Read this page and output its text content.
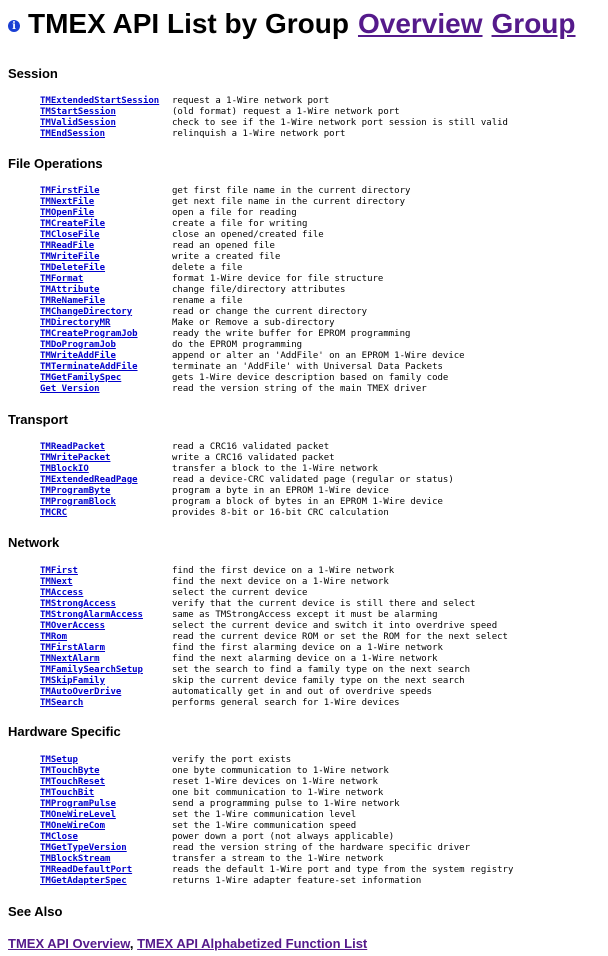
i TMEX API List by Group Overview Group
Session
TMExtendedStartSession	request a 1-Wire network port
TMStartSession	(old format) request a 1-Wire network port
TMValidSession	check to see if the 1-Wire network port session is still valid
TMEndSession	relinquish a 1-Wire network port
File Operations
TMFirstFile	get first file name in the current directory
TMNextFile	get next file name in the current directory
TMOpenFile	open a file for reading
TMCreateFile	create a file for writing
TMCloseFile	close an opened/created file
TMReadFile	read an opened file
TMWriteFile	write a created file
TMDeleteFile	delete a file
TMFormat	format 1-Wire device for file structure
TMAttribute	change file/directory attributes
TMReNameFile	rename a file
TMChangeDirectory	read or change the current directory
TMDirectoryMR	Make or Remove a sub-directory
TMCreateProgramJob	ready the write buffer for EPROM programming
TMDoProgramJob	do the EPROM programming
TMWriteAddFile	append or alter an 'AddFile' on an EPROM 1-Wire device
TMTerminateAddFile	terminate an 'AddFile' with Universal Data Packets
TMGetFamilySpec	gets 1-Wire device description based on family code
Get_Version	read the version string of the main TMEX driver
Transport
TMReadPacket	read a CRC16 validated packet
TMWritePacket	write a CRC16 validated packet
TMBlockIO	transfer a block to the 1-Wire network
TMExtendedReadPage	read a device-CRC validated page (regular or status)
TMProgramByte	program a byte in an EPROM 1-Wire device
TMProgramBlock	program a block of bytes in an EPROM 1-Wire device
TMCRC	provides 8-bit or 16-bit CRC calculation
Network
TMFirst	find the first device on a 1-Wire network
TMNext	find the next device on a 1-Wire network
TMAccess	select the current device
TMStrongAccess	verify that the current device is still there and select
TMStrongAlarmAccess	same as TMStrongAccess except it must be alarming
TMOverAccess	select the current device and switch it into overdrive speed
TMRom	read the current device ROM or set the ROM for the next select
TMFirstAlarm	find the first alarming device on a 1-Wire network
TMNextAlarm	find the next alarming device on a 1-Wire network
TMFamilySearchSetup	set the search to find a family type on the next search
TMSkipFamily	skip the current device family type on the next search
TMAutoOverDrive	automatically get in and out of overdrive speeds
TMSearch	performs general search for 1-Wire devices
Hardware Specific
TMSetup	verify the port exists
TMTouchByte	one byte communication to 1-Wire network
TMTouchReset	reset 1-Wire devices on 1-Wire network
TMTouchBit	one bit communication to 1-Wire network
TMProgramPulse	send a programming pulse to 1-Wire network
TMOneWireLevel	set the 1-Wire communication level
TMOneWireCom	set the 1-Wire communication speed
TMClose	power down a port (not always applicable)
TMGetTypeVersion	read the version string of the hardware specific driver
TMBlockStream	transfer a stream to the 1-Wire network
TMReadDefaultPort	reads the default 1-Wire port and type from the system registry
TMGetAdapterSpec	returns 1-Wire adapter feature-set information
See Also
TMEX API Overview, TMEX API Alphabetized Function List
